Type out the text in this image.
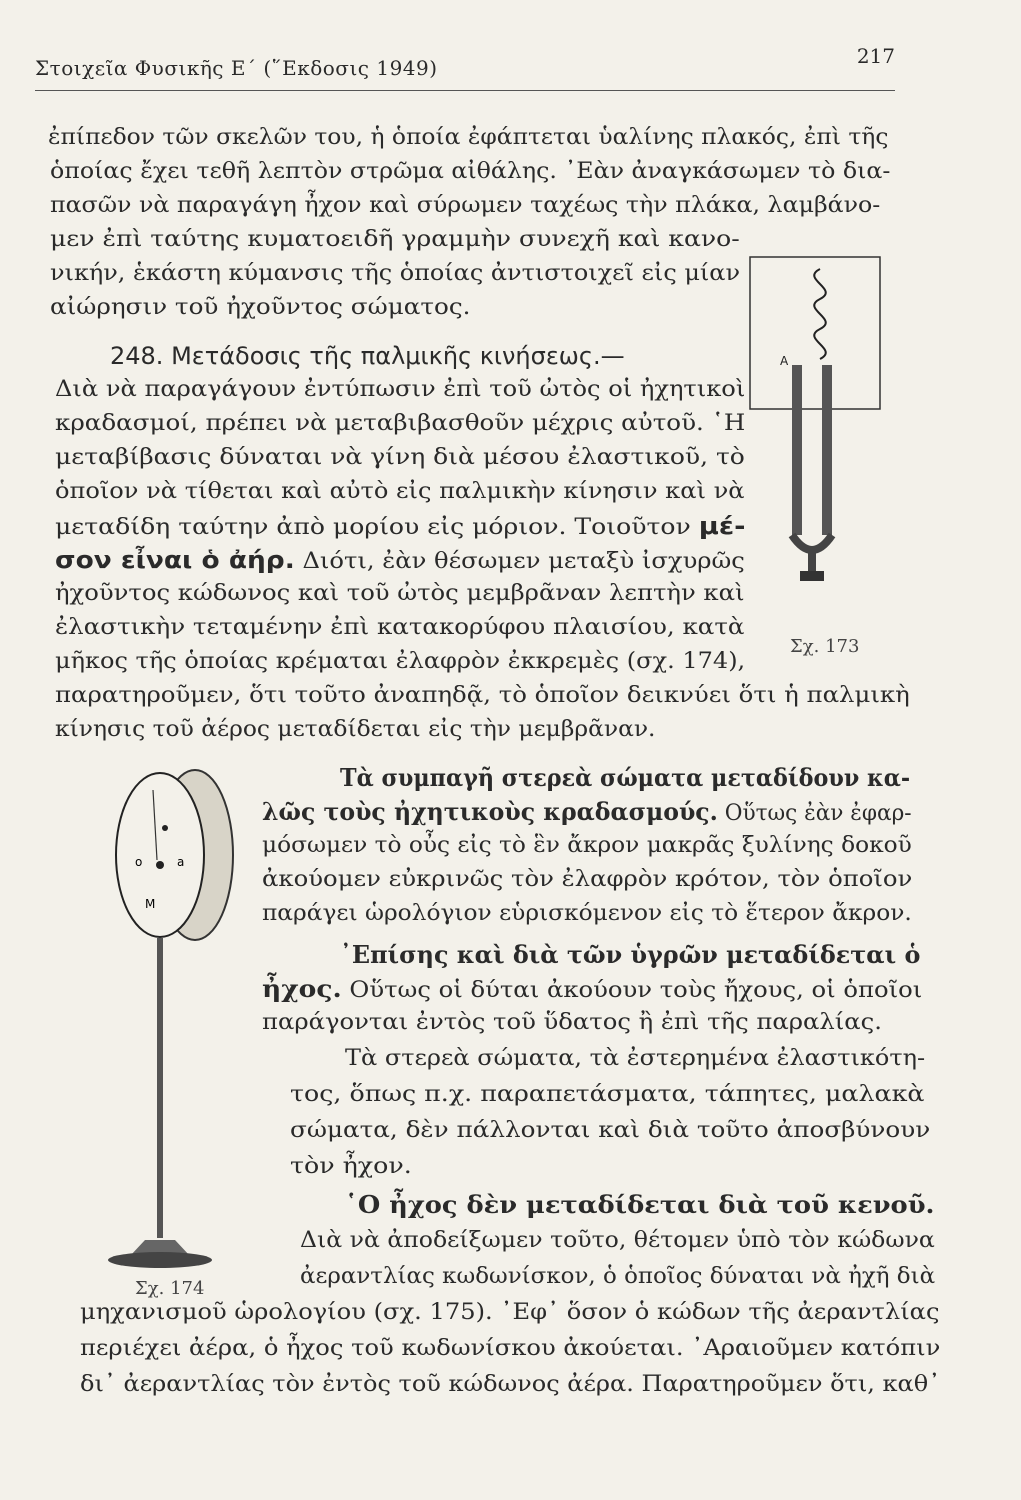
Στοιχεῖα Φυσικῆς Ε΄ (῞Εκδοσις 1949)	217
ἐπίπεδον τῶν σκελῶν του, ἡ ὁποία ἐφάπτεται ὑαλίνης πλακός, ἐπὶ τῆς
ὁποίας ἔχει τεθῆ λεπτὸν στρῶμα αἰθάλης. ᾿Εὰν ἀναγκάσωμεν τὸ δια-
πασῶν νὰ παραγάγη ἦχον καὶ σύρωμεν ταχέως τὴν πλάκα, λαμβάνο-
μεν ἐπὶ ταύτης κυματοειδῆ γραμμὴν συνεχῆ καὶ κανο-
νικήν, ἑκάστη κύμανσις τῆς ὁποίας ἀντιστοιχεῖ εἰς μίαν
αἰώρησιν τοῦ ἠχοῦντος σώματος.
248. Μετάδοσις τῆς παλμικῆς κινήσεως.—
Διὰ νὰ παραγάγουν ἐντύπωσιν ἐπὶ τοῦ ὠτὸς οἱ ἠχητικοὶ
κραδασμοί, πρέπει νὰ μεταβιβασθοῦν μέχρις αὐτοῦ. ῾Η
μεταβίβασις δύναται νὰ γίνη διὰ μέσου ἐλαστικοῦ, τὸ
ὁποῖον νὰ τίθεται καὶ αὐτὸ εἰς παλμικὴν κίνησιν καὶ νὰ
μεταδίδη ταύτην ἀπὸ μορίου εἰς μόριον. Τοιοῦτον μέ-
σον εἶναι ὁ ἀήρ. Διότι, ἐὰν θέσωμεν μεταξὺ ἰσχυρῶς
ἠχοῦντος κώδωνος καὶ τοῦ ὠτὸς μεμβρᾶναν λεπτὴν καὶ
ἐλαστικὴν τεταμένην ἐπὶ κατακορύφου πλαισίου, κατὰ
μῆκος τῆς ὁποίας κρέμαται ἐλαφρὸν ἐκκρεμὲς (σχ. 174),
παρατηροῦμεν, ὅτι τοῦτο ἀναπηδᾷ, τὸ ὁποῖον δεικνύει ὅτι ἡ παλμικὴ
κίνησις τοῦ ἀέρος μεταδίδεται εἰς τὴν μεμβρᾶναν.
Τὰ συμπαγῆ στερεὰ σώματα μεταδίδουν κα-
λῶς τοὺς ἠχητικοὺς κραδασμούς. Οὕτως ἐὰν ἐφαρ-
μόσωμεν τὸ οὖς εἰς τὸ ἓν ἄκρον μακρᾶς ξυλίνης δοκοῦ
ἀκούομεν εὐκρινῶς τὸν ἐλαφρὸν κρότον, τὸν ὁποῖον
παράγει ὡρολόγιον εὑρισκόμενον εἰς τὸ ἕτερον ἄκρον.
᾿Επίσης καὶ διὰ τῶν ὑγρῶν μεταδίδεται ὁ
ἦχος. Οὕτως οἱ δύται ἀκούουν τοὺς ἤχους, οἱ ὁποῖοι
παράγονται ἐντὸς τοῦ ὕδατος ἢ ἐπὶ τῆς παραλίας.
Τὰ στερεὰ σώματα, τὰ ἐστερημένα ἐλαστικότη-
τος, ὅπως π.χ. παραπετάσματα, τάπητες, μαλακὰ
σώματα, δὲν πάλλονται καὶ διὰ τοῦτο ἀποσβύνουν
τὸν ἦχον.
῾Ο ἦχος δὲν μεταδίδεται διὰ τοῦ κενοῦ.
Διὰ νὰ ἀποδείξωμεν τοῦτο, θέτομεν ὑπὸ τὸν κώδωνα
ἀεραντλίας κωδωνίσκον, ὁ ὁποῖος δύναται νὰ ἠχῆ διὰ
μηχανισμοῦ ὡρολογίου (σχ. 175). ᾿Εφ᾿ ὅσον ὁ κώδων τῆς ἀεραντλίας
περιέχει ἀέρα, ὁ ἦχος τοῦ κωδωνίσκου ἀκούεται. ᾿Αραιοῦμεν κατόπιν
δι᾿ ἀεραντλίας τὸν ἐντὸς τοῦ κώδωνος ἀέρα. Παρατηροῦμεν ὅτι, καθ᾿
A
Σχ. 173
o	a
M
Σχ. 174
